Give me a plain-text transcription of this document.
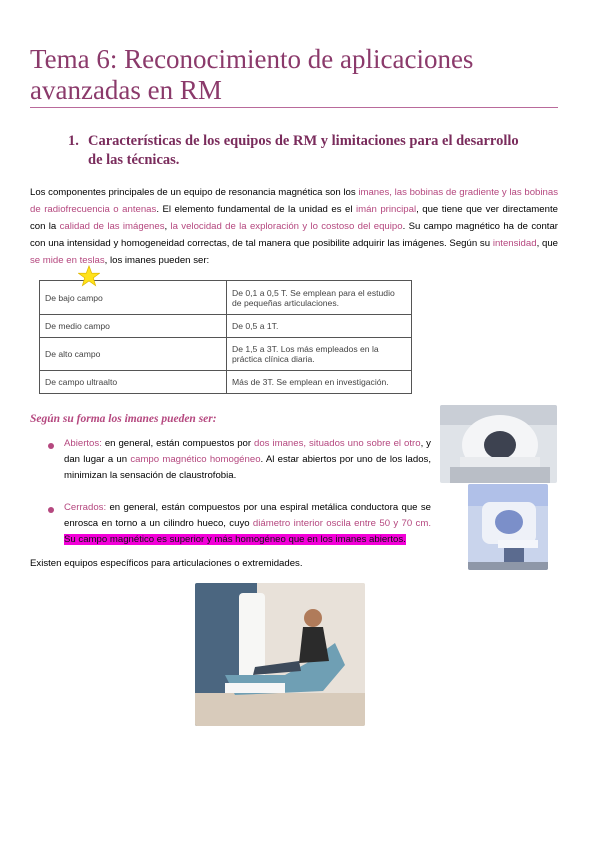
Tema 6: Reconocimiento de aplicaciones
avanzadas en RM
1. Características de los equipos de RM y limitaciones para el desarrollo
de las técnicas.
Los componentes principales de un equipo de resonancia magnética son los imanes, las bobinas de gradiente y las bobinas de radiofrecuencia o antenas. El elemento fundamental de la unidad es el imán principal, que tiene que ver directamente con la calidad de las imágenes, la velocidad de la exploración y lo costoso del equipo. Su campo magnético ha de contar con una intensidad y homogeneidad correctas, de tal manera que posibilite adquirir las imágenes. Según su intensidad, que se mide en teslas, los imanes pueden ser:
De bajo campo	De 0,1 a 0,5 T. Se emplean para el estudio de pequeñas articulaciones.
De medio campo	De 0,5 a 1T.
De alto campo	De 1,5 a 3T. Los más empleados en la práctica clínica diaria.
De campo ultraalto	Más de 3T. Se emplean en investigación.
Según su forma los imanes pueden ser:
Abiertos: en general, están compuestos por dos imanes, situados uno sobre el otro, y dan lugar a un campo magnético homogéneo. Al estar abiertos por uno de los lados, minimizan la sensación de claustrofobia.
Cerrados: en general, están compuestos por una espiral metálica conductora que se enrosca en torno a un cilindro hueco, cuyo diámetro interior oscila entre 50 y 70 cm. Su campo magnético es superior y más homogéneo que en los imanes abiertos.
Existen equipos específicos para articulaciones o extremidades.
